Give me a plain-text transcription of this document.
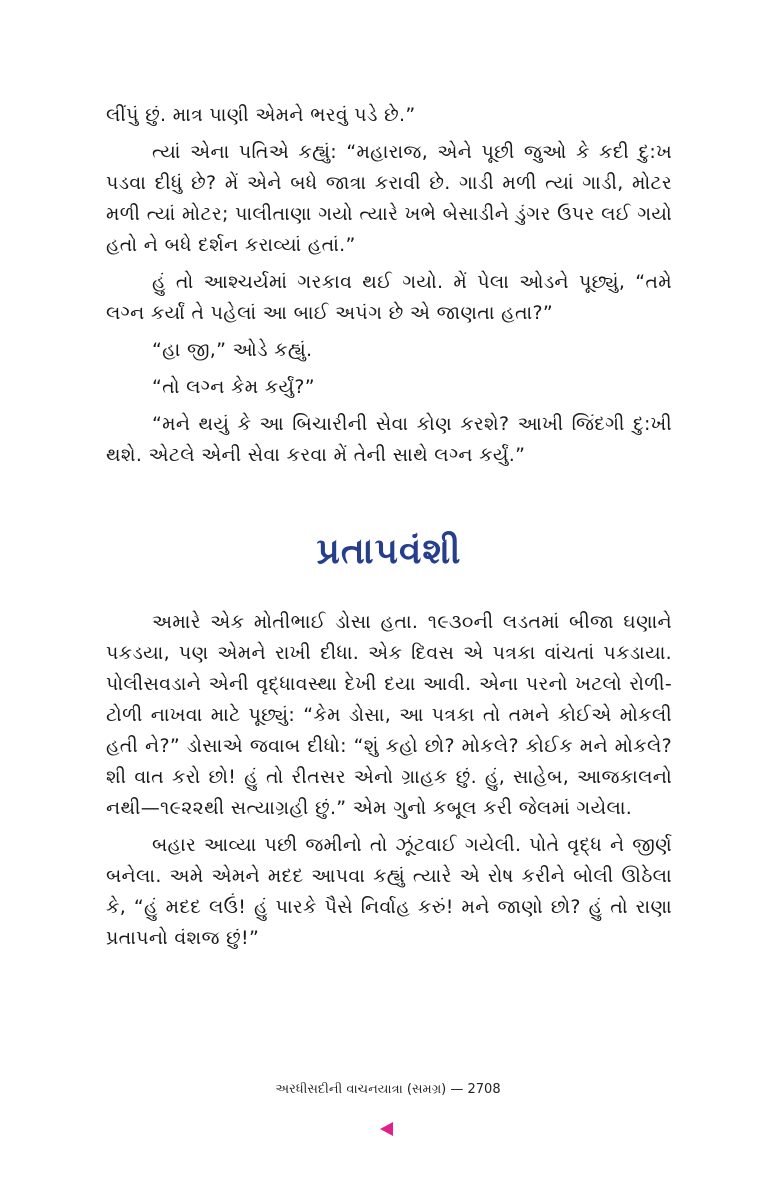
લીંપું છું. માત્ર પાણી એમને ભરવું પડે છે.”

ત્યાં એના પતિએ કહ્યું: “મહારાજ, એને પૂછી જુઓ કે કદી દુ:ખ પડવા દીધું છે? મેં એને બધે જાત્રા કરાવી છે. ગાડી મળી ત્યાં ગાડી, મોટર મળી ત્યાં મોટર; પાલીતાણા ગયો ત્યારે ખભે બેસાડીને ડુંગર ઉપર લઈ ગયો હતો ને બધે દર્શન કરાવ્યાં હતાં.”

હું તો આશ્ચર્યમાં ગરકાવ થઈ ગયો. મેં પેલા ઓડને પૂછ્યું, “તમે લગ્ન કર્યાં તે પહેલાં આ બાઈ અપંગ છે એ જાણતા હતા?”

“હા જી,” ઓડે કહ્યું.

“તો લગ્ન કેમ કર્યું?”

“મને થયું કે આ બિચારીની સેવા કોણ કરશે? આખી જિંદગી દુ:ખી થશે. એટલે એની સેવા કરવા મેં તેની સાથે લગ્ન કર્યું.”

પ્રતાપવંશી

અમારે એક મોતીભાઈ ડોસા હતા. ૧૯૩૦ની લડતમાં બીજા ઘણાને પકડયા, પણ એમને રાખી દીધા. એક દિવસ એ પત્રકા વાંચતાં પકડાયા. પોલીસવડાને એની વૃદ્ધાવસ્થા દેખી દયા આવી. એના પરનો ખટલો રોળી-ટોળી નાખવા માટે પૂછ્યું: “કેમ ડોસા, આ પત્રકા તો તમને કોઈએ મોકલી હતી ને?” ડોસાએ જવાબ દીધો: “શું કહો છો? મોકલે? કોઈક મને મોકલે? શી વાત કરો છો! હું તો રીતસર એનો ગ્રાહક છું. હું, સાહેબ, આજકાલનો નથી—૧૯૨૨થી સત્યાગ્રહી છું.” એમ ગુનો કબૂલ કરી જેલમાં ગયેલા.

બહાર આવ્યા પછી જમીનો તો ઝૂંટવાઈ ગયેલી. પોતે વૃદ્ધ ને જીર્ણ બનેલા. અમે એમને મદદ આપવા કહ્યું ત્યારે એ રોષ કરીને બોલી ઊઠેલા કે, “હું મદદ લઉં! હું પારકે પૈસે નિર્વાહ કરું! મને જાણો છો? હું તો રાણા પ્રતાપનો વંશજ છું!”

અરધીસદીની વાચનયાત્રા (સમગ્ર) — 2708
